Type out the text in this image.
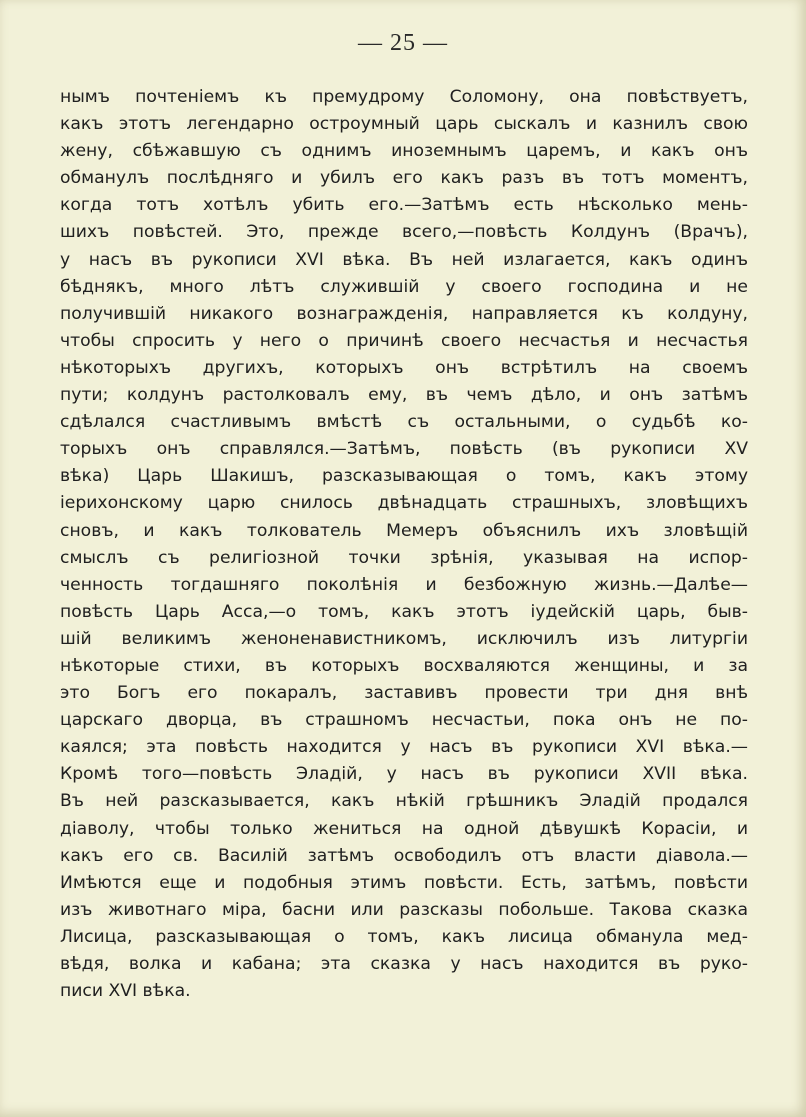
— 25 —
нымъ почтеніемъ къ премудрому Соломону, она повѣствуетъ,
какъ этотъ легендарно остроумный царь сыскалъ и казнилъ свою
жену, сбѣжавшую съ однимъ иноземнымъ царемъ, и какъ онъ
обманулъ послѣдняго и убилъ его какъ разъ въ тотъ моментъ,
когда тотъ хотѣлъ убить его.—Затѣмъ есть нѣсколько мень-
шихъ повѣстей. Это, прежде всего,—повѣсть Колдунъ (Врачъ),
у насъ въ рукописи XVI вѣка. Въ ней излагается, какъ одинъ
бѣднякъ, много лѣтъ служившій у своего господина и не
получившій никакого вознагражденія, направляется къ колдуну,
чтобы спросить у него о причинѣ своего несчастья и несчастья
нѣкоторыхъ другихъ, которыхъ онъ встрѣтилъ на своемъ
пути; колдунъ растолковалъ ему, въ чемъ дѣло, и онъ затѣмъ
сдѣлался счастливымъ вмѣстѣ съ остальными, о судьбѣ ко-
торыхъ онъ справлялся.—Затѣмъ, повѣсть (въ рукописи XV
вѣка) Царь Шакишъ, разсказывающая о томъ, какъ этому
іерихонскому царю снилось двѣнадцать страшныхъ, зловѣщихъ
сновъ, и какъ толкователь Мемеръ объяснилъ ихъ зловѣщій
смыслъ съ религіозной точки зрѣнія, указывая на испор-
ченность тогдашняго поколѣнія и безбожную жизнь.—Далѣе—
повѣсть Царь Асса,—о томъ, какъ этотъ іудейскій царь, быв-
шій великимъ женоненавистникомъ, исключилъ изъ литургіи
нѣкоторые стихи, въ которыхъ восхваляются женщины, и за
это Богъ его покаралъ, заставивъ провести три дня внѣ
царскаго дворца, въ страшномъ несчастьи, пока онъ не по-
каялся; эта повѣсть находится у насъ въ рукописи XVI вѣка.—
Кромѣ того—повѣсть Эладій, у насъ въ рукописи XVII вѣка.
Въ ней разсказывается, какъ нѣкій грѣшникъ Эладій продался
діаволу, чтобы только жениться на одной дѣвушкѣ Корасіи, и
какъ его св. Василій затѣмъ освободилъ отъ власти діавола.—
Имѣются еще и подобныя этимъ повѣсти. Есть, затѣмъ, повѣсти
изъ животнаго міра, басни или разсказы побольше. Такова сказка
Лисица, разсказывающая о томъ, какъ лисица обманула мед-
вѣдя, волка и кабана; эта сказка у насъ находится въ руко-
писи XVI вѣка.
